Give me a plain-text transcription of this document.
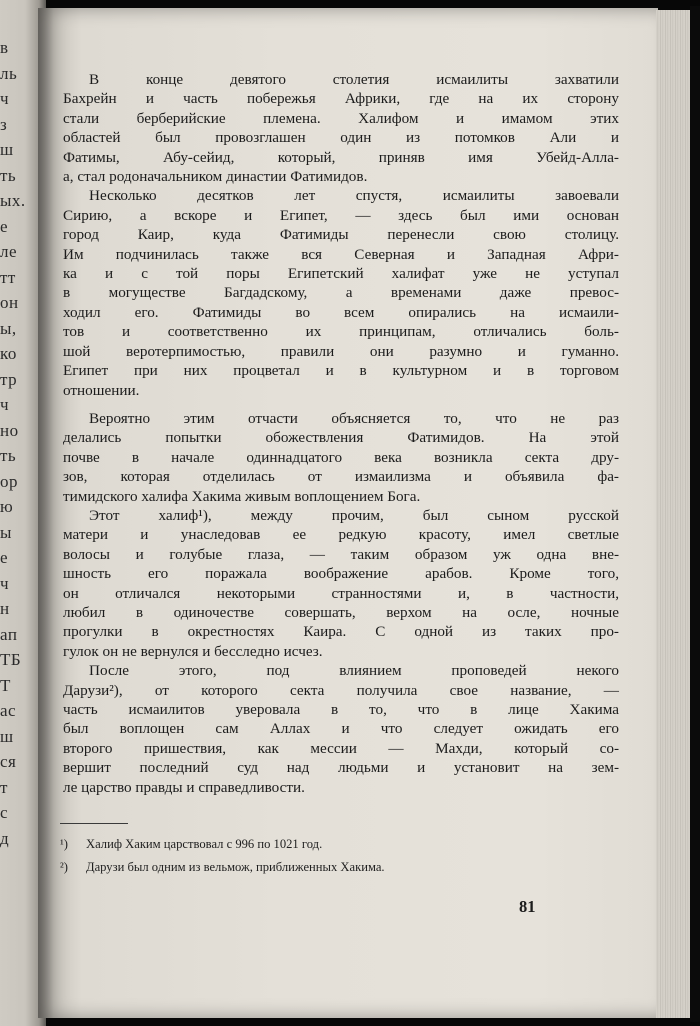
в
ль
ч
з
ш
ть
ых.
е
ле
тт
он
ы,
ко
тр
ч
но
ть
ор
ю
ы
е
ч
н
ап
ТБ
Т
ас
ш
ся
т
с
д
В конце девятого столетия исмаилиты захватили
Бахрейн и часть побережья Африки, где на их сторону
стали берберийские племена. Халифом и имамом этих
областей был провозглашен один из потомков Али и
Фатимы, Абу-сейид, который, приняв имя Убейд-Алла-
а, стал родоначальником династии Фатимидов.
Несколько десятков лет спустя, исмаилиты завоевали
Сирию, а вскоре и Египет, — здесь был ими основан
город Каир, куда Фатимиды перенесли свою столицу.
Им подчинилась также вся Северная и Западная Афри-
ка и с той поры Египетский халифат уже не уступал
в могуществе Багдадскому, а временами даже превос-
ходил его. Фатимиды во всем опирались на исмаили-
тов и соответственно их принципам, отличались боль-
шой веротерпимостью, правили они разумно и гуманно.
Египет при них процветал и в культурном и в торговом
отношении.
Вероятно этим отчасти объясняется то, что не раз
делались попытки обожествления Фатимидов. На этой
почве в начале одиннадцатого века возникла секта дру-
зов, которая отделилась от измаилизма и объявила фа-
тимидского халифа Хакима живым воплощением Бога.
Этот халиф¹), между прочим, был сыном русской
матери и унаследовав ее редкую красоту, имел светлые
волосы и голубые глаза, — таким образом уж одна вне-
шность его поражала воображение арабов. Кроме того,
он отличался некоторыми странностями и, в частности,
любил в одиночестве совершать, верхом на осле, ночные
прогулки в окрестностях Каира. С одной из таких про-
гулок он не вернулся и бесследно исчез.
После этого, под влиянием проповедей некого
Дарузи²), от которого секта получила свое название, —
часть исмаилитов уверовала в то, что в лице Хакима
был воплощен сам Аллах и что следует ожидать его
второго пришествия, как мессии — Махди, который со-
вершит последний суд над людьми и установит на зем-
ле царство правды и справедливости.
¹) Халиф Хаким царствовал с 996 по 1021 год.
²) Дарузи был одним из вельмож, приближенных Хакима.
81
